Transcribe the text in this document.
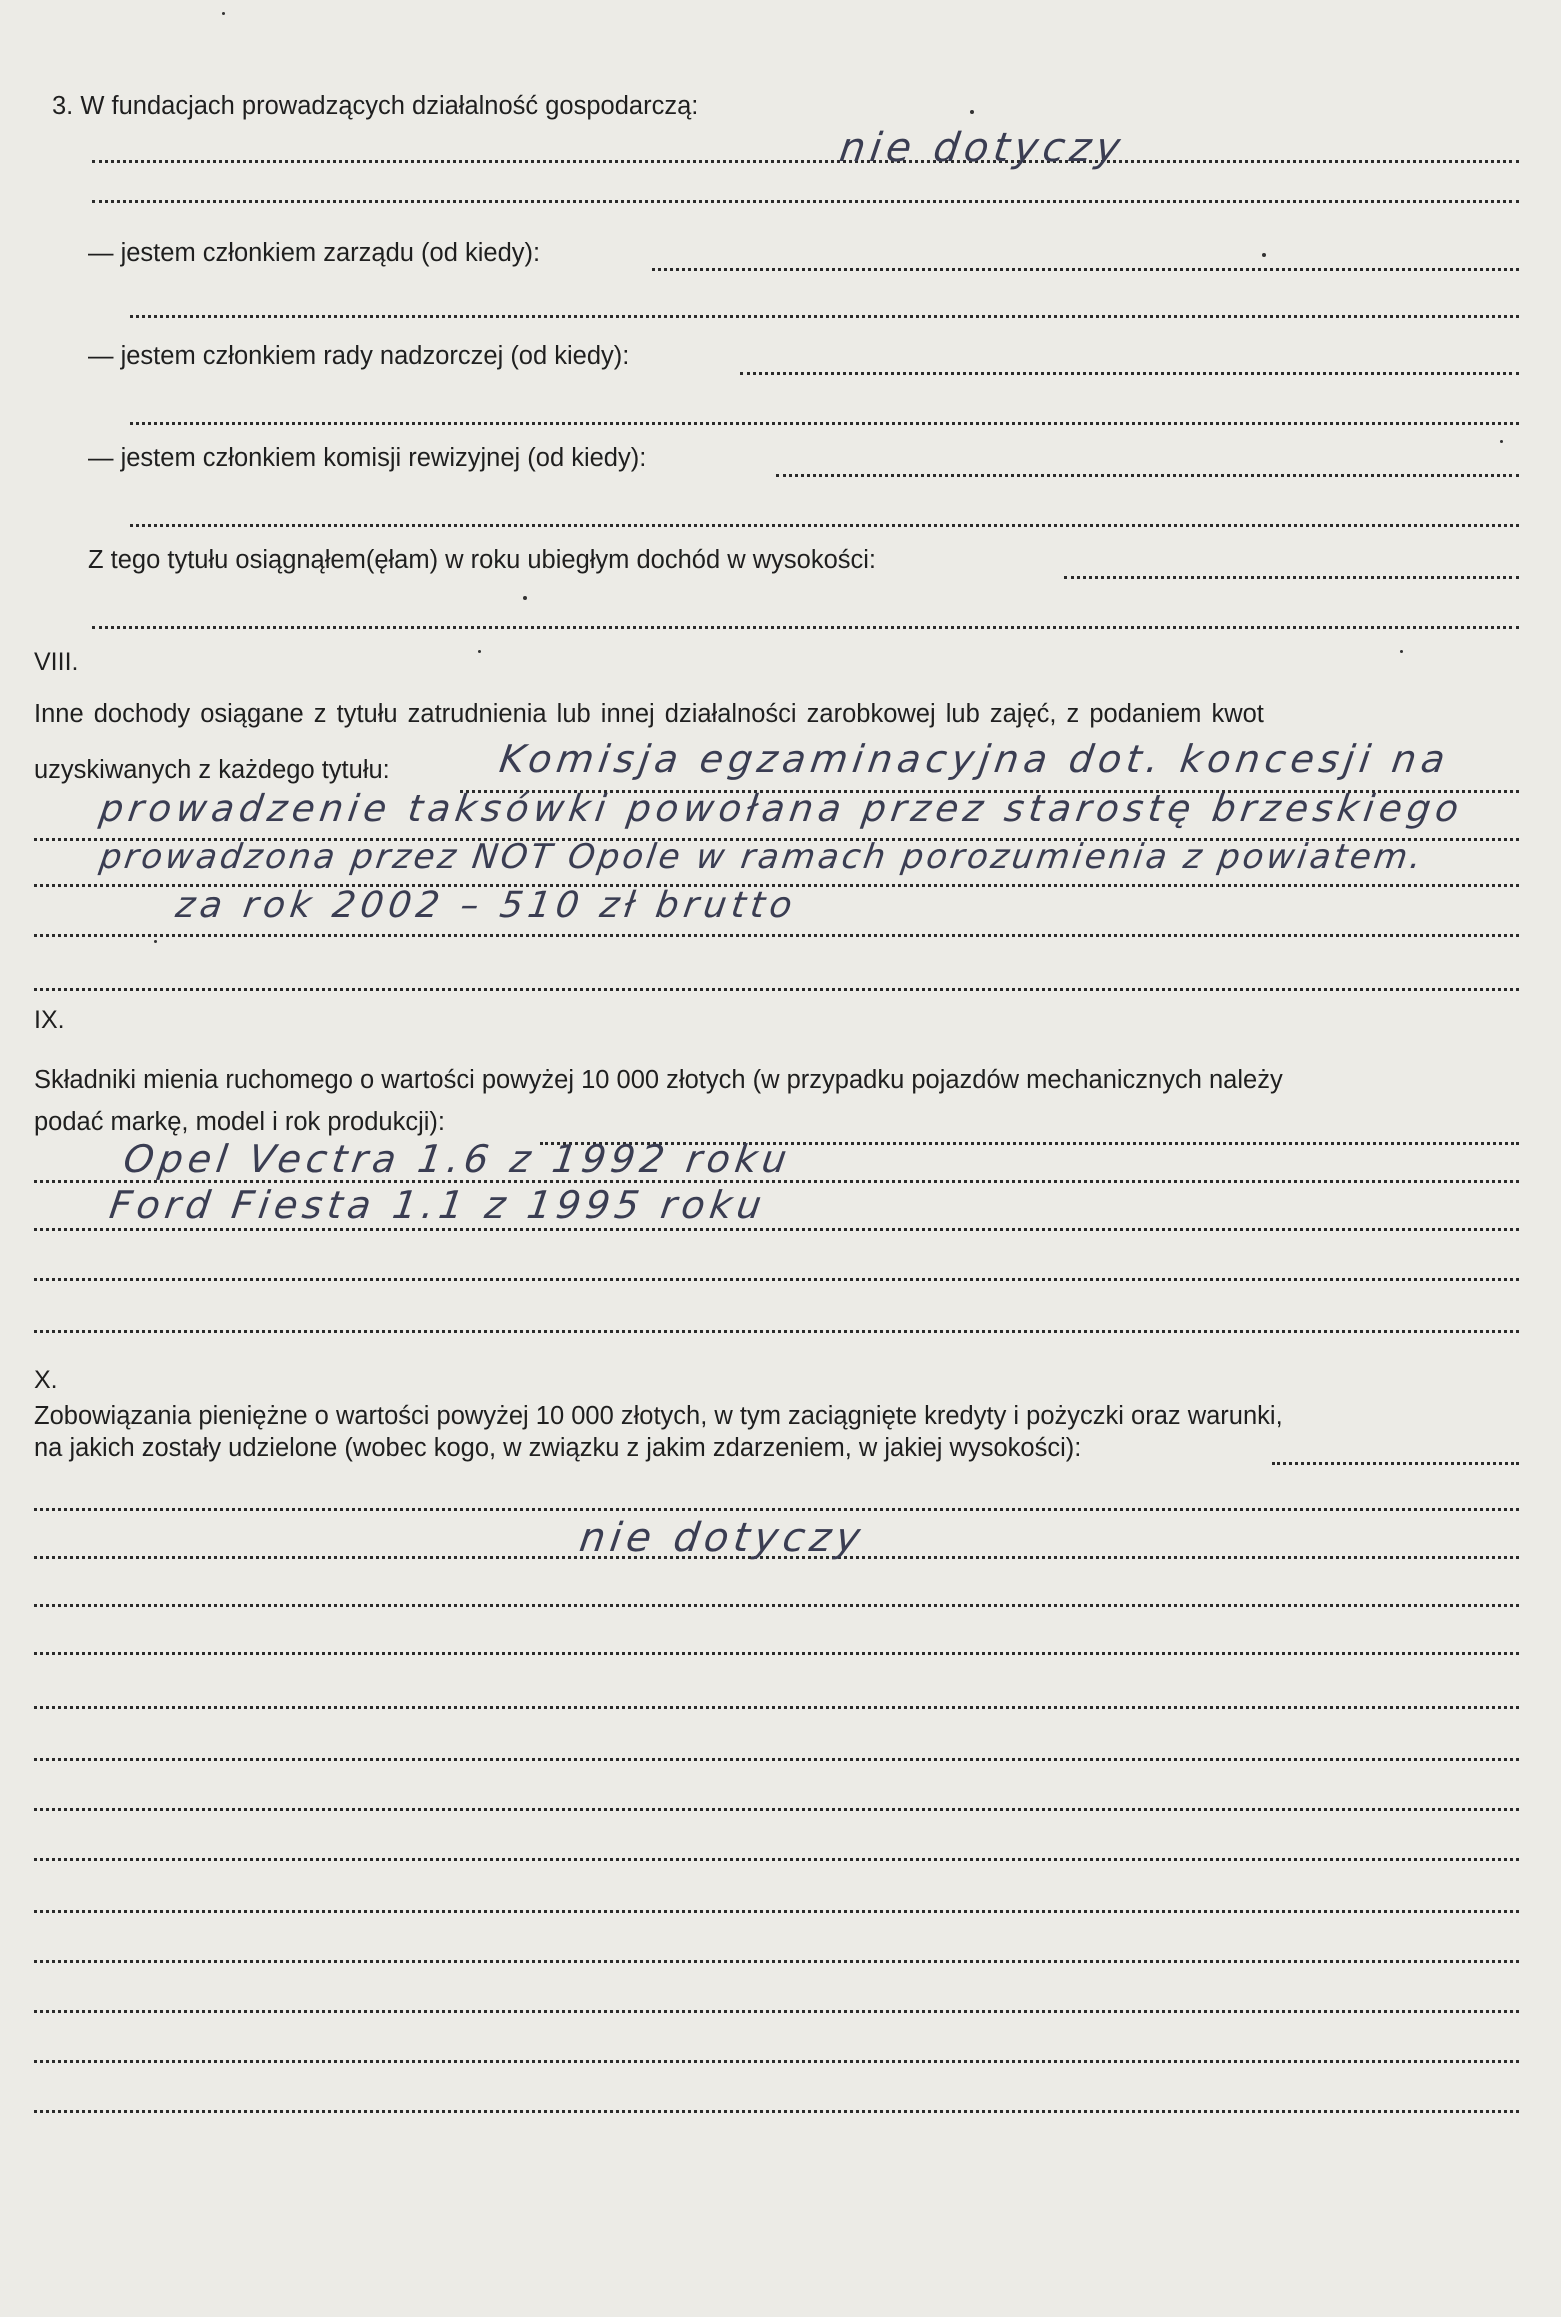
3. W fundacjach prowadzących działalność gospodarczą:
nie dotyczy
— jestem członkiem zarządu (od kiedy):
— jestem członkiem rady nadzorczej (od kiedy):
— jestem członkiem komisji rewizyjnej (od kiedy):
Z tego tytułu osiągnąłem(ęłam) w roku ubiegłym dochód w wysokości:
VIII.
Inne dochody osiągane z tytułu zatrudnienia lub innej działalności zarobkowej lub zajęć, z podaniem kwot
uzyskiwanych z każdego tytułu:	Komisja egzaminacyjna dot. koncesji na
prowadzenie taksówki powołana przez starostę brzeskiego
prowadzona przez NOT Opole w ramach porozumienia z powiatem.
za rok 2002 – 510 zł brutto
IX.
Składniki mienia ruchomego o wartości powyżej 10 000 złotych (w przypadku pojazdów mechanicznych należy
podać markę, model i rok produkcji):
Opel Vectra 1.6 z 1992 roku
Ford Fiesta 1.1 z 1995 roku
X.
Zobowiązania pieniężne o wartości powyżej 10 000 złotych, w tym zaciągnięte kredyty i pożyczki oraz warunki,
na jakich zostały udzielone (wobec kogo, w związku z jakim zdarzeniem, w jakiej wysokości):
nie dotyczy
